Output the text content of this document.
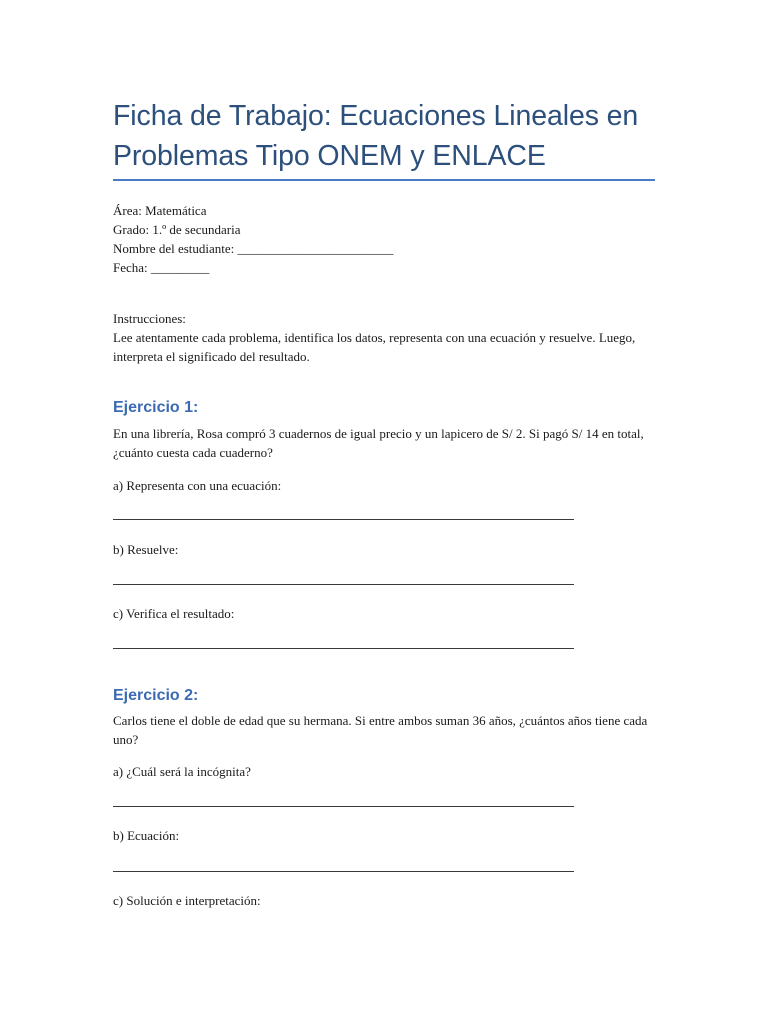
Ficha de Trabajo: Ecuaciones Lineales en Problemas Tipo ONEM y ENLACE
Área: Matemática
Grado: 1.º de secundaria
Nombre del estudiante: ________________________
Fecha: _________

Instrucciones:

Lee atentamente cada problema, identifica los datos, representa con una ecuación y resuelve. Luego, interpreta el significado del resultado.

Ejercicio 1:

En una librería, Rosa compró 3 cuadernos de igual precio y un lapicero de S/ 2. Si pagó S/ 14 en total, ¿cuánto cuesta cada cuaderno?

a) Representa con una ecuación:

b) Resuelve:

c) Verifica el resultado:

Ejercicio 2:

Carlos tiene el doble de edad que su hermana. Si entre ambos suman 36 años, ¿cuántos años tiene cada uno?

a) ¿Cuál será la incógnita?

b) Ecuación:

c) Solución e interpretación:
